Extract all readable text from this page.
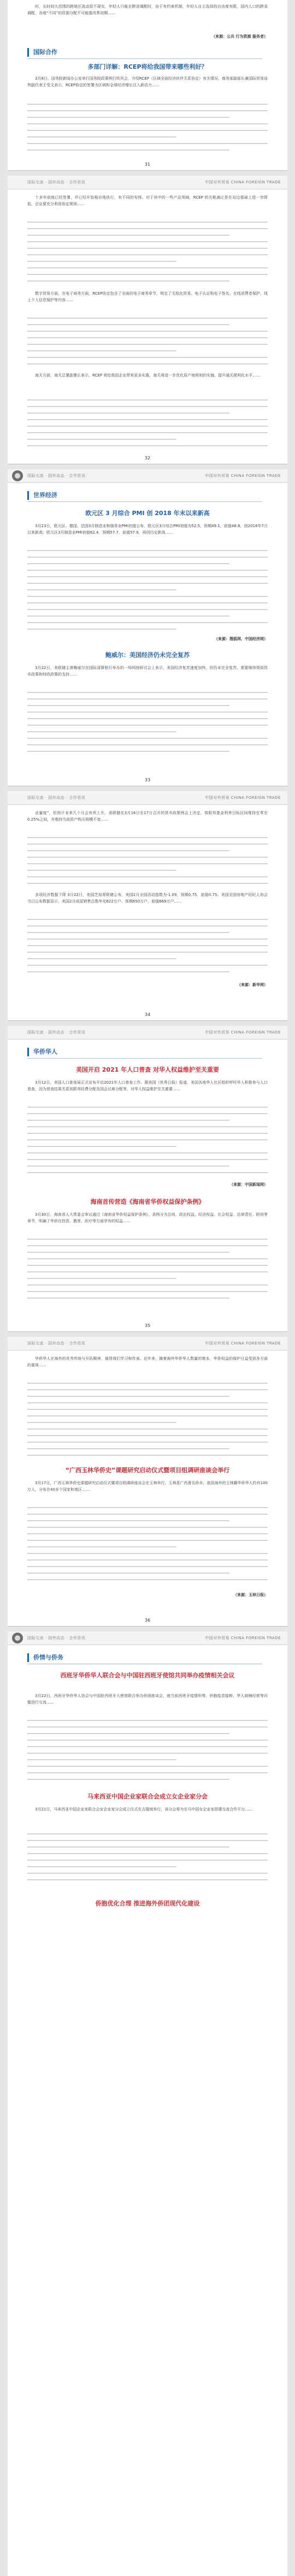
时，长时间大范围的跨地区流动很不现实，年轻人只能在跨省调配时，由于有约束机制，年轻人自主选择的自由度有限，国内人口的跨省调配，各地“不同”的资源分配不可能像改革初期……

（来源：公共 行为资源 服务者）
国际合作
多部门详解：RCEP将给我国带来哪些利好？

3月8日，国务院新闻办公室举行国务院政策例行吹风会，介绍RCEP（区域全面经济伙伴关系协定）有关情况。商务部副部长兼国际贸易谈判副代表王受文表示，RCEP协定的签署为区域和全球经济增长注入新动力……

31
国际交流 · 国外动态 · 合作资讯	中国对外贸易 CHINA FOREIGN TRADE

十多年前就已经签署，并已经开始相应地执行，有不同的安排。对于其中的一些产品领域，RCEP 的关税减让是在双边基础上进一步降低，企业要充分利用协定规则……

数字贸易方面，在电子商务方面，RCEP协定包含了全面的电子商务章节，规定了无纸化贸易、电子认证和电子签名、在线消费者保护、线上个人信息保护等内容……

海关方面，海关总署副署长表示，RCEP 将给我国企业带来更多实惠，海关将进一步优化原产地规则的实施，提升通关便利化水平……

32
国际交流 · 国外动态 · 合作资讯	中国对外贸易 CHINA FOREIGN TRADE
世界经济
欧元区 3 月综合 PMI 创 2018 年末以来新高

3月23日，欧元区、德国、法国3月制造业和服务业PMI初值公布，欧元区3月综合PMI初值为52.5，预期49.1，前值48.8，创2018年7月以来新高；欧元区3月制造业PMI初值62.4，预期57.7，前值57.9，再创历史新高……

（来源：搜狐网、中国经济网）
鲍威尔：美国经济仍未完全复苏

3月22日，美联储主席鲍威尔在国际清算银行举办的一场网络研讨会上表示，美国经济复苏速度加快，但仍未完全复苏，需要继续得到货币政策和财政政策的支持……

33
国际交流 · 国外动态 · 合作资讯	中国对外贸易 CHINA FOREIGN TRADE

业量度”，但预计未来几个月会有所上升。美联储在3月16日至17日召开的货币政策例会上决定，将联邦基金利率目标区间维持在零至0.25%之间，并维持当前资产购买规模不变……

多项经济数据下降 3月22日，美国芝加哥联储公布，美国2月全国活动指数为-1.09，预期0.75，前值0.75。美国全国房地产经纪人协会当日公布数据显示，美国2月成屋销售总数年化622万户，预期650万户，前值669万户……

（来源：新华网）
34
国际交流 · 国外动态 · 合作资讯	中国对外贸易 CHINA FOREIGN TRADE
华侨华人
美国开启 2021 年人口普查 对华人权益维护至关重要

3月12日，美国人口普查局正式宣布开启2021年人口普查工作。据美国《世界日报》报道，美国各地华人社区组织呼吁华人积极参与人口普查，因为普查结果关系到联邦经费分配及国会议席分配等，对华人权益维护至关重要……

（来源：中国新闻网）
海南首传营造《海南省华侨权益保护条例》

3月30日，海南省人大常委会审议通过《海南省华侨权益保护条例》，条例分为总则、政治权益、经济权益、社会权益、法律责任、附则等章节，明确了华侨在投资、教育、医疗等方面享有的权益……

35
国际交流 · 国外动态 · 合作资讯	中国对外贸易 CHINA FOREIGN TRADE

华侨华人在海外的优秀传统与开拓精神，值得我们学习和传承。近年来，随着海外华侨华人数量的增多，华侨权益的保护日益受到各方面的重视……

“广西玉林华侨史”课题研究启动仪式暨项目组调研座谈会举行

3月17日，广西玉林华侨史课题研究启动仪式暨项目组调研座谈会在玉林举行。玉林是广西著名侨乡，旅居海外的玉林籍华侨华人约有100万人，分布在40多个国家和地区……

（来源：玉林日报）
36
国际交流 · 国外动态 · 合作资讯	中国对外贸易 CHINA FOREIGN TRADE
侨情与侨务
西班牙华侨华人联合会与中国驻西班牙使馆共同举办疫情相关会议

3月22日，西班牙华侨华人协会与中国驻西班牙大使馆联合举办侨团座谈会，就当前西班牙疫情形势、侨胞疫苗接种、华人商铺经营等问题进行交流……

马来西亚中国企业家联合会成立女企业家分会

3月21日，马来西亚中国企业家联合会女企业家分会成立仪式在吉隆坡举行，该分会将为在马中国女企业家搭建交流合作平台……

侨胞优化合理 推进海外侨团现代化建设
